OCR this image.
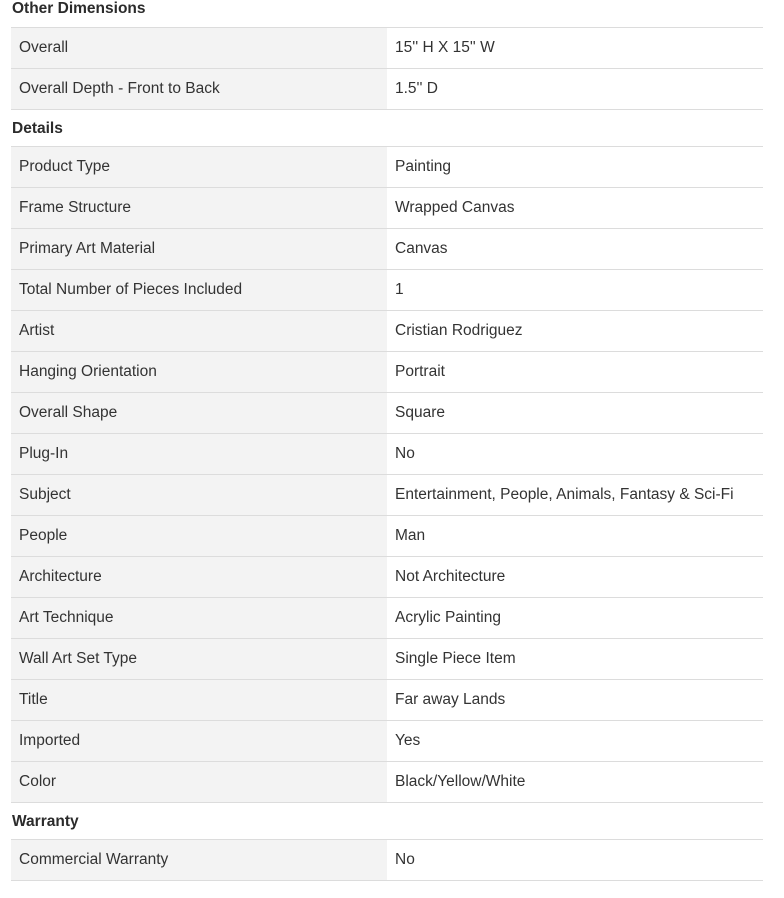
Other Dimensions
Overall	15'' H X 15'' W
Overall Depth - Front to Back	1.5'' D
Details
Product Type	Painting
Frame Structure	Wrapped Canvas
Primary Art Material	Canvas
Total Number of Pieces Included	1
Artist	Cristian Rodriguez
Hanging Orientation	Portrait
Overall Shape	Square
Plug-In	No
Subject	Entertainment, People, Animals, Fantasy & Sci-Fi
People	Man
Architecture	Not Architecture
Art Technique	Acrylic Painting
Wall Art Set Type	Single Piece Item
Title	Far away Lands
Imported	Yes
Color	Black/Yellow/White
Warranty
Commercial Warranty	No
